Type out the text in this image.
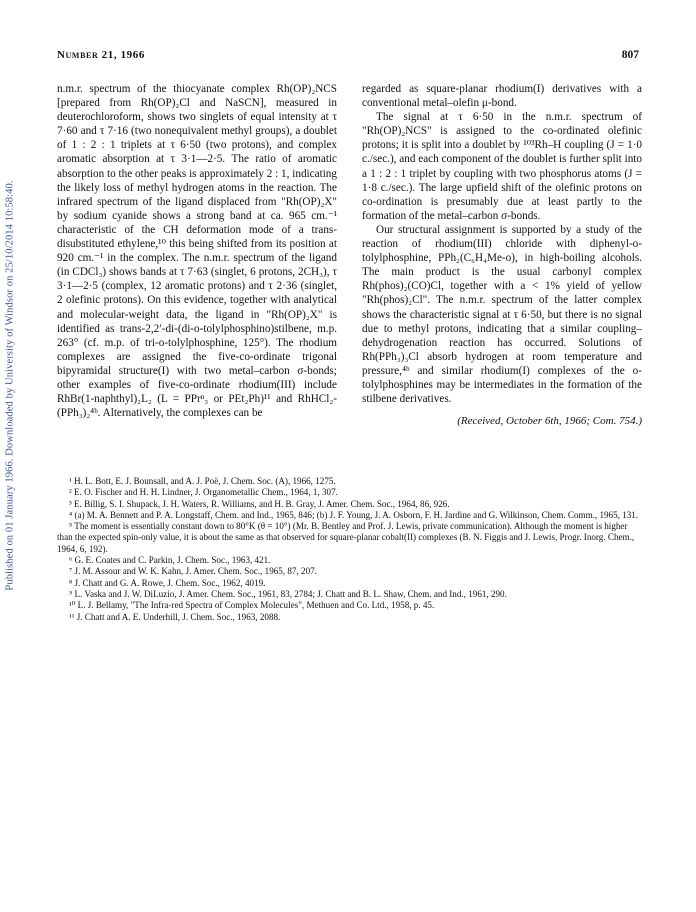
Published on 01 January 1966. Downloaded by University of Windsor on 25/10/2014 10:58:40.
Number 21, 1966	807

n.m.r. spectrum of the thiocyanate complex Rh(OP)₂NCS [prepared from Rh(OP)₂Cl and NaSCN], measured in deuterochloroform, shows two singlets of equal intensity at τ 7·60 and τ 7·16 (two nonequivalent methyl groups), a doublet of 1 : 2 : 1 triplets at τ 6·50 (two protons), and complex aromatic absorption at τ 3·1—2·5. The ratio of aromatic absorption to the other peaks is approximately 2 : 1, indicating the likely loss of methyl hydrogen atoms in the reaction. The infrared spectrum of the ligand displaced from "Rh(OP)₂X" by sodium cyanide shows a strong band at ca. 965 cm.⁻¹ characteristic of the CH deformation mode of a trans-disubstituted ethylene,¹⁰ this being shifted from its position at 920 cm.⁻¹ in the complex. The n.m.r. spectrum of the ligand (in CDCl₃) shows bands at τ 7·63 (singlet, 6 protons, 2CH₃), τ 3·1—2·5 (complex, 12 aromatic protons) and τ 2·36 (singlet, 2 olefinic protons). On this evidence, together with analytical and molecular-weight data, the ligand in "Rh(OP)₂X" is identified as trans-2,2′-di-(di-o-tolylphosphino)stilbene, m.p. 263° (cf. m.p. of tri-o-tolylphosphine, 125°). The rhodium complexes are assigned the five-co-ordinate trigonal bipyramidal structure(I) with two metal–carbon σ-bonds; other examples of five-co-ordinate rhodium(III) include RhBr(1-naphthyl)₂L₂ (L = PPrⁿ₃ or PEt₂Ph)¹¹ and RhHCl₂-(PPh₃)₂⁴ᵇ. Alternatively, the complexes can be

regarded as square-planar rhodium(I) derivatives with a conventional metal–olefin μ-bond.

The signal at τ 6·50 in the n.m.r. spectrum of "Rh(OP)₂NCS" is assigned to the co-ordinated olefinic protons; it is split into a doublet by ¹⁰³Rh–H coupling (J = 1·0 c./sec.), and each component of the doublet is further split into a 1 : 2 : 1 triplet by coupling with two phosphorus atoms (J = 1·8 c./sec.). The large upfield shift of the olefinic protons on co-ordination is presumably due at least partly to the formation of the metal–carbon σ-bonds.

Our structural assignment is supported by a study of the reaction of rhodium(III) chloride with diphenyl-o-tolylphosphine, PPh₂(C₆H₄Me-o), in high-boiling alcohols. The main product is the usual carbonyl complex Rh(phos)₂(CO)Cl, together with a < 1% yield of yellow "Rh(phos)₂Cl". The n.m.r. spectrum of the latter complex shows the characteristic signal at τ 6·50, but there is no signal due to methyl protons, indicating that a similar coupling–dehydrogenation reaction has occurred. Solutions of Rh(PPh₃)₃Cl absorb hydrogen at room temperature and pressure,⁴ᵇ and similar rhodium(I) complexes of the o-tolylphosphines may be intermediates in the formation of the stilbene derivatives.

(Received, October 6th, 1966; Com. 754.)

¹ H. L. Bott, E. J. Bounsall, and A. J. Poë, J. Chem. Soc. (A), 1966, 1275.

² E. O. Fischer and H. H. Lindner, J. Organometallic Chem., 1964, 1, 307.

³ E. Billig, S. I. Shupack, J. H. Waters, R. Williams, and H. B. Gray, J. Amer. Chem. Soc., 1964, 86, 926.

⁴ (a) M. A. Bennett and P. A. Longstaff, Chem. and Ind., 1965, 846; (b) J. F. Young, J. A. Osborn, F. H. Jardine and G. Wilkinson, Chem. Comm., 1965, 131.

⁵ The moment is essentially constant down to 80°K (θ = 10°) (Mr. B. Bentley and Prof. J. Lewis, private communication). Although the moment is higher than the expected spin-only value, it is about the same as that observed for square-planar cobalt(II) complexes (B. N. Figgis and J. Lewis, Progr. Inorg. Chem., 1964, 6, 192).

⁶ G. E. Coates and C. Parkin, J. Chem. Soc., 1963, 421.

⁷ J. M. Assour and W. K. Kahn, J. Amer. Chem. Soc., 1965, 87, 207.

⁸ J. Chatt and G. A. Rowe, J. Chem. Soc., 1962, 4019.

⁹ L. Vaska and J. W. DiLuzio, J. Amer. Chem. Soc., 1961, 83, 2784; J. Chatt and B. L. Shaw, Chem. and Ind., 1961, 290.

¹⁰ L. J. Bellamy, "The Infra-red Spectra of Complex Molecules", Methuen and Co. Ltd., 1958, p. 45.

¹¹ J. Chatt and A. E. Underhill, J. Chem. Soc., 1963, 2088.
